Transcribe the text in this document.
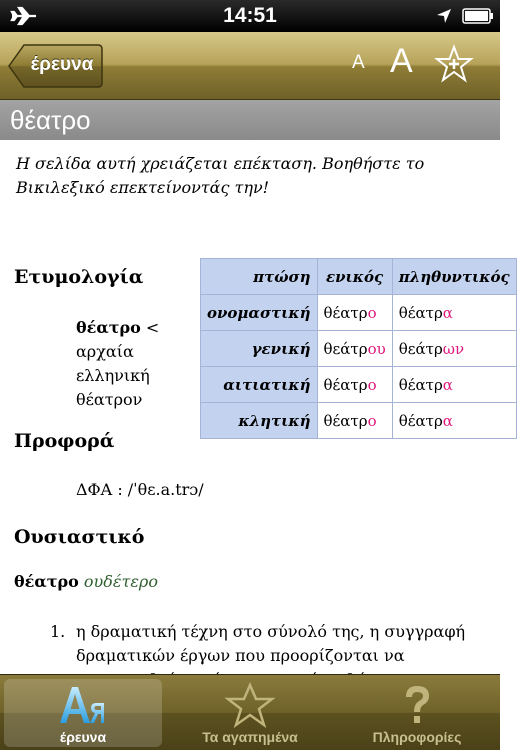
14:51
έρευνα	A A
θέατρο
Η σελίδα αυτή χρειάζεται επέκταση. Βοηθήστε το Βικιλεξικό επεκτείνοντάς την!
Ετυμολογία
θέατρο <
αρχαία
ελληνική
θέατρον
πτώση	ενικός	πληθυντικός
ονομαστική	θέατρο	θέατρα
γενική	θεάτρου	θεάτρων
αιτιατική	θέατρο	θέατρα
κλητική	θέατρο	θέατρα
Προφορά
ΔΦΑ : /ˈθɛ.a.trɔ/
Ουσιαστικό
θέατρο ουδέτερο
1. η δραματική τέχνη στο σύνολό της, η συγγραφή δραματικών έργων που προορίζονται να
έρευνα	Τα αγαπημένα	Πληροφορίες
